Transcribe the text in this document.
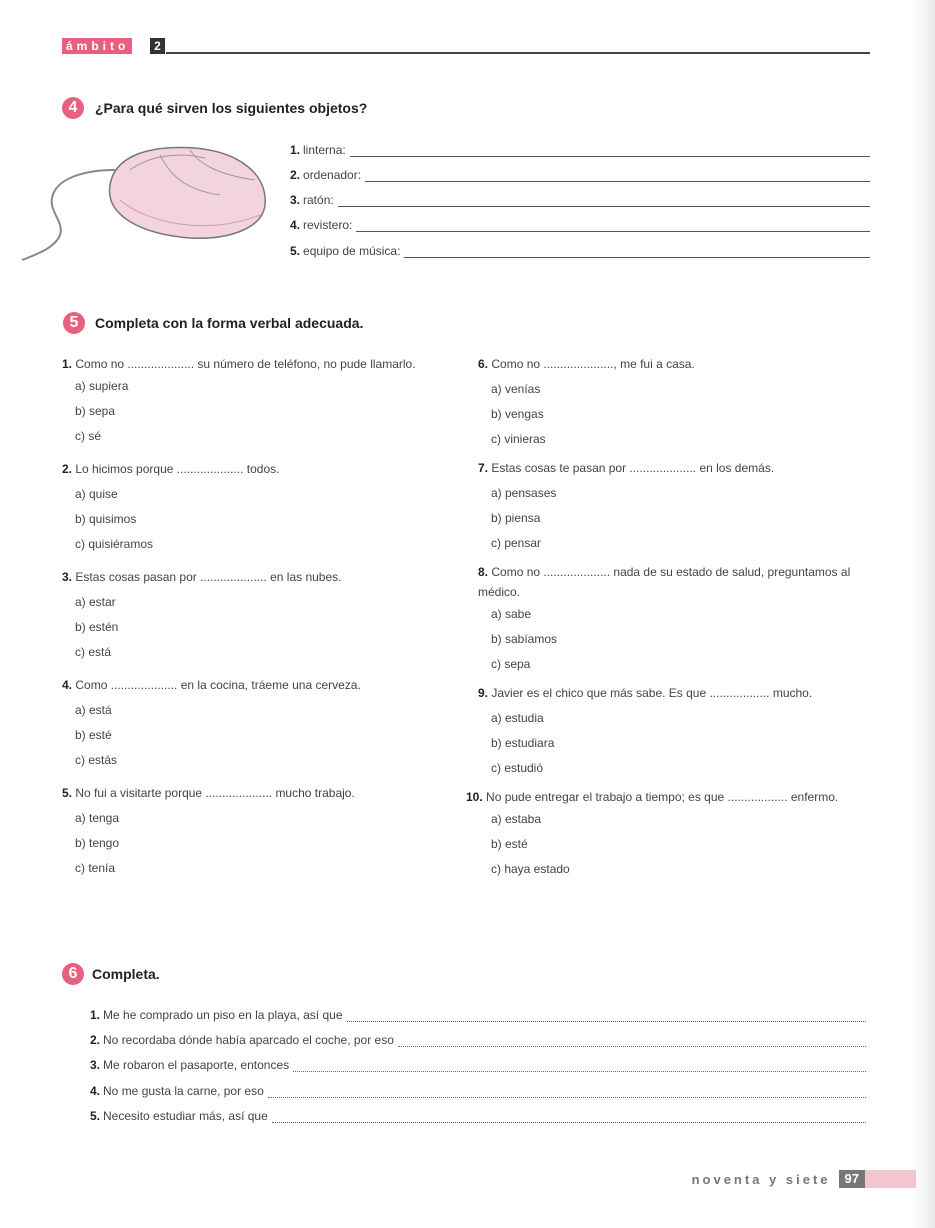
ámbito	2
4	¿Para qué sirven los siguientes objetos?
1. linterna:
2. ordenador:
3. ratón:
4. revistero:
5. equipo de música:
5	Completa con la forma verbal adecuada.
1. Como no .................... su número de teléfono, no pude llamarlo.
a) supiera
b) sepa
c) sé
2. Lo hicimos porque .................... todos.
a) quise
b) quisimos
c) quisiéramos
3. Estas cosas pasan por .................... en las nubes.
a) estar
b) estén
c) está
4. Como .................... en la cocina, tráeme una cerveza.
a) está
b) esté
c) estás
5. No fui a visitarte porque .................... mucho trabajo.
a) tenga
b) tengo
c) tenía
6. Como no ....................., me fui a casa.
a) venías
b) vengas
c) vinieras
7. Estas cosas te pasan por .................... en los demás.
a) pensases
b) piensa
c) pensar
8. Como no .................... nada de su estado de salud, preguntamos al médico.
a) sabe
b) sabíamos
c) sepa
9. Javier es el chico que más sabe. Es que .................. mucho.
a) estudia
b) estudiara
c) estudió
10. No pude entregar el trabajo a tiempo; es que .................. enfermo.
a) estaba
b) esté
c) haya estado
6	Completa.
1. Me he comprado un piso en la playa, así que
2. No recordaba dónde había aparcado el coche, por eso
3. Me robaron el pasaporte, entonces
4. No me gusta la carne, por eso
5. Necesito estudiar más, así que
noventa y siete	97
